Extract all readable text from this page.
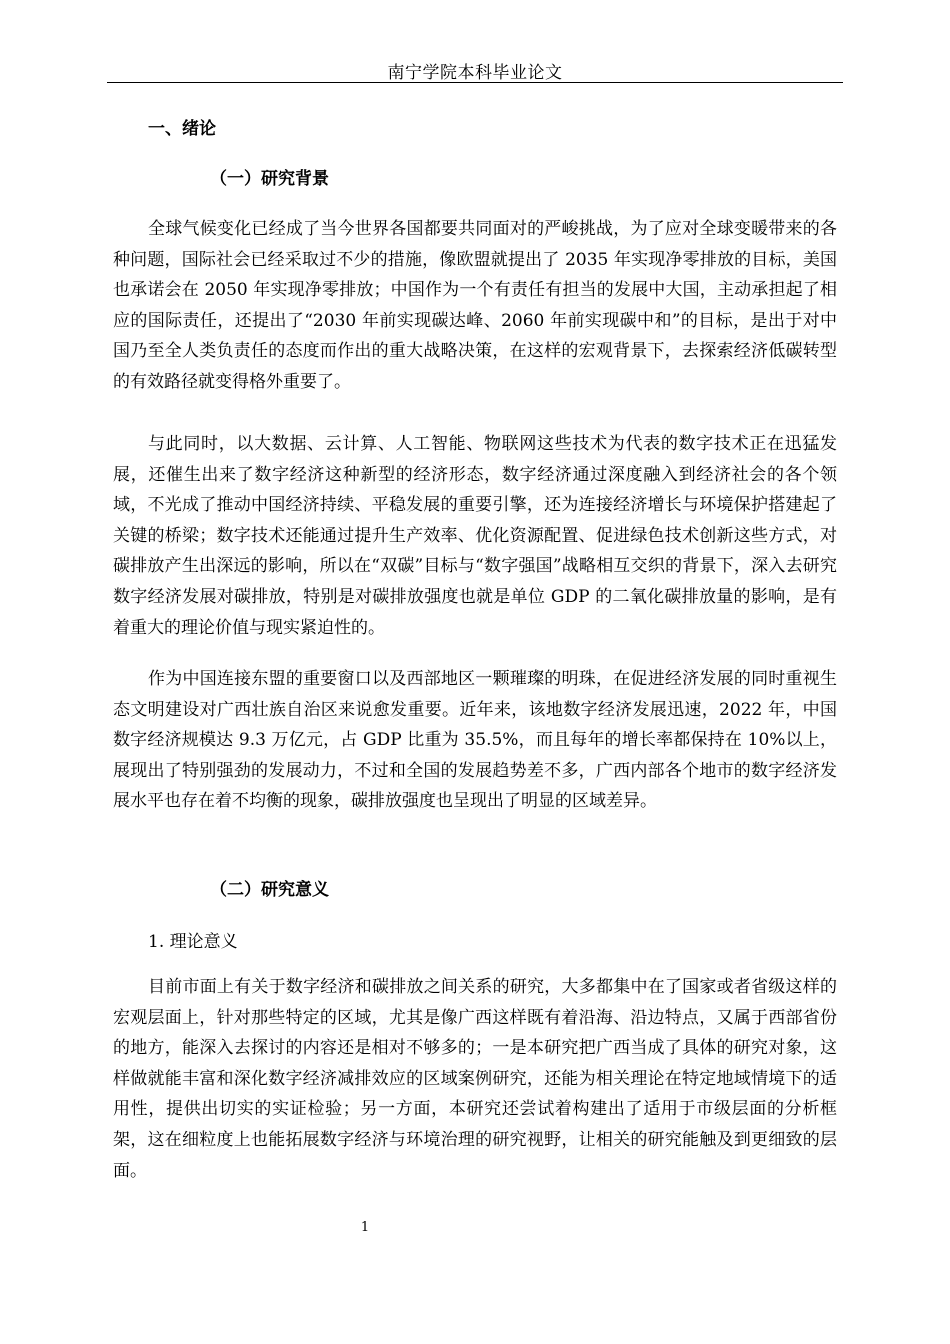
南宁学院本科毕业论文
一、绪论
（一）研究背景

全球气候变化已经成了当今世界各国都要共同面对的严峻挑战，为了应对全球变暖带来的各种问题，国际社会已经采取过不少的措施，像欧盟就提出了 2035 年实现净零排放的目标，美国也承诺会在 2050 年实现净零排放；中国作为一个有责任有担当的发展中大国，主动承担起了相应的国际责任，还提出了“2030 年前实现碳达峰、2060 年前实现碳中和”的目标，是出于对中国乃至全人类负责任的态度而作出的重大战略决策，在这样的宏观背景下，去探索经济低碳转型的有效路径就变得格外重要了。

与此同时，以大数据、云计算、人工智能、物联网这些技术为代表的数字技术正在迅猛发展，还催生出来了数字经济这种新型的经济形态，数字经济通过深度融入到经济社会的各个领域，不光成了推动中国经济持续、平稳发展的重要引擎，还为连接经济增长与环境保护搭建起了关键的桥梁；数字技术还能通过提升生产效率、优化资源配置、促进绿色技术创新这些方式，对碳排放产生出深远的影响，所以在“双碳”目标与“数字强国”战略相互交织的背景下，深入去研究数字经济发展对碳排放，特别是对碳排放强度也就是单位 GDP 的二氧化碳排放量的影响，是有着重大的理论价值与现实紧迫性的。

作为中国连接东盟的重要窗口以及西部地区一颗璀璨的明珠，在促进经济发展的同时重视生态文明建设对广西壮族自治区来说愈发重要。近年来，该地数字经济发展迅速，2022 年，中国数字经济规模达 9.3 万亿元，占 GDP 比重为 35.5%，而且每年的增长率都保持在 10%以上，展现出了特别强劲的发展动力，不过和全国的发展趋势差不多，广西内部各个地市的数字经济发展水平也存在着不均衡的现象，碳排放强度也呈现出了明显的区域差异。

（二）研究意义
1. 理论意义

目前市面上有关于数字经济和碳排放之间关系的研究，大多都集中在了国家或者省级这样的宏观层面上，针对那些特定的区域，尤其是像广西这样既有着沿海、沿边特点，又属于西部省份的地方，能深入去探讨的内容还是相对不够多的；一是本研究把广西当成了具体的研究对象，这样做就能丰富和深化数字经济减排效应的区域案例研究，还能为相关理论在特定地域情境下的适用性，提供出切实的实证检验；另一方面，本研究还尝试着构建出了适用于市级层面的分析框架，这在细粒度上也能拓展数字经济与环境治理的研究视野，让相关的研究能触及到更细致的层面。

1
